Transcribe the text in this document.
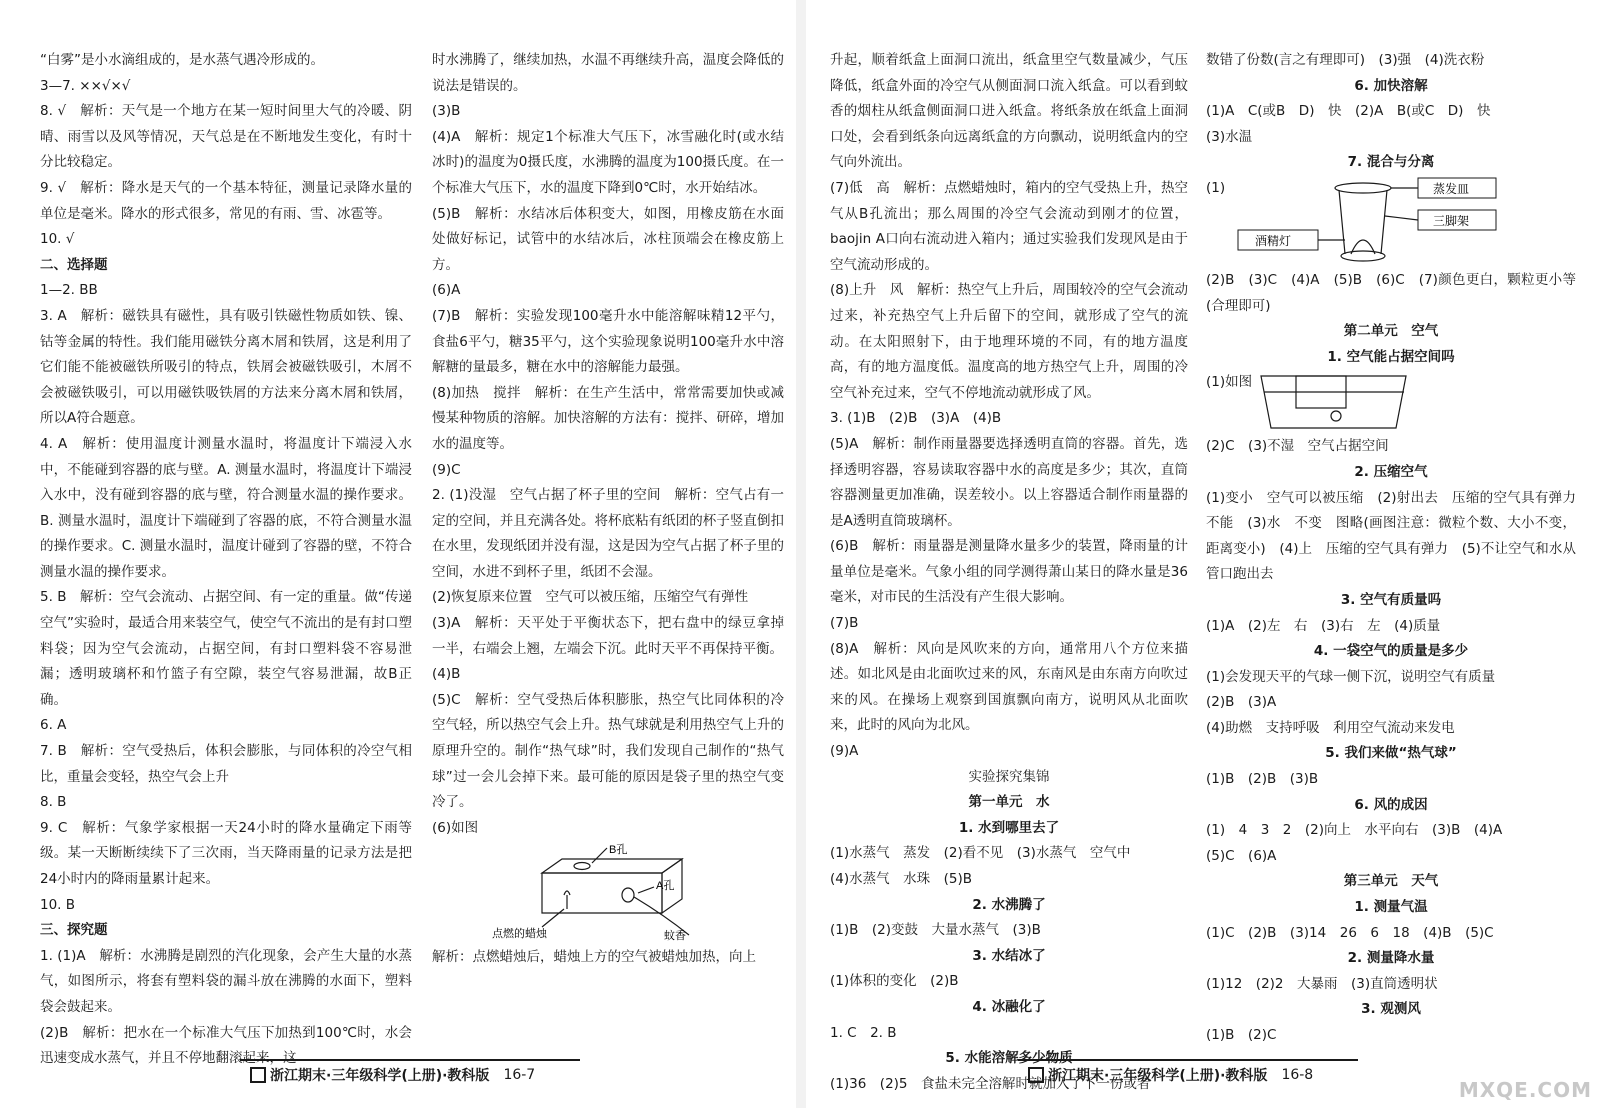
“白雾”是小水滴组成的，是水蒸气遇冷形成的。

3—7. ××√×√

8. √　解析：天气是一个地方在某一短时间里大气的冷暖、阴晴、雨雪以及风等情况，天气总是在不断地发生变化，有时十分比较稳定。

9. √　解析：降水是天气的一个基本特征，测量记录降水量的单位是毫米。降水的形式很多，常见的有雨、雪、冰雹等。

10. √

二、选择题

1—2. BB

3. A　解析：磁铁具有磁性，具有吸引铁磁性物质如铁、镍、钴等金属的特性。我们能用磁铁分离木屑和铁屑，这是利用了它们能不能被磁铁所吸引的特点，铁屑会被磁铁吸引，木屑不会被磁铁吸引，可以用磁铁吸铁屑的方法来分离木屑和铁屑，所以A符合题意。

4. A　解析：使用温度计测量水温时，将温度计下端浸入水中，不能碰到容器的底与壁。A. 测量水温时，将温度计下端浸入水中，没有碰到容器的底与壁，符合测量水温的操作要求。B. 测量水温时，温度计下端碰到了容器的底，不符合测量水温的操作要求。C. 测量水温时，温度计碰到了容器的壁，不符合测量水温的操作要求。

5. B　解析：空气会流动、占据空间、有一定的重量。做“传递空气”实验时，最适合用来装空气，使空气不流出的是有封口塑料袋；因为空气会流动，占据空间，有封口塑料袋不容易泄漏；透明玻璃杯和竹篮子有空隙，装空气容易泄漏，故B正确。

6. A

7. B　解析：空气受热后，体积会膨胀，与同体积的冷空气相比，重量会变轻，热空气会上升

8. B

9. C　解析：气象学家根据一天24小时的降水量确定下雨等级。某一天断断续续下了三次雨，当天降雨量的记录方法是把24小时内的降雨量累计起来。

10. B

三、探究题

1. (1)A　解析：水沸腾是剧烈的汽化现象，会产生大量的水蒸气，如图所示，将套有塑料袋的漏斗放在沸腾的水面下，塑料袋会鼓起来。

(2)B　解析：把水在一个标准大气压下加热到100℃时，水会迅速变成水蒸气，并且不停地翻滚起来，这

时水沸腾了，继续加热，水温不再继续升高，温度会降低的说法是错误的。

(3)B

(4)A　解析：规定1个标准大气压下，冰雪融化时(或水结冰时)的温度为0摄氏度，水沸腾的温度为100摄氏度。在一个标准大气压下，水的温度下降到0℃时，水开始结冰。

(5)B　解析：水结冰后体积变大，如图，用橡皮筋在水面处做好标记，试管中的水结冰后，冰柱顶端会在橡皮筋上方。

(6)A

(7)B　解析：实验发现100毫升水中能溶解味精12平勺，食盐6平勺，糖35平勺，这个实验现象说明100毫升水中溶解糖的量最多，糖在水中的溶解能力最强。

(8)加热　搅拌　解析：在生产生活中，常常需要加快或减慢某种物质的溶解。加快溶解的方法有：搅拌、研碎，增加水的温度等。

(9)C

2. (1)没湿　空气占据了杯子里的空间　解析：空气占有一定的空间，并且充满各处。将杯底粘有纸团的杯子竖直倒扣在水里，发现纸团并没有湿，这是因为空气占据了杯子里的空间，水进不到杯子里，纸团不会湿。

(2)恢复原来位置　空气可以被压缩，压缩空气有弹性

(3)A　解析：天平处于平衡状态下，把右盘中的绿豆拿掉一半，右端会上翘，左端会下沉。此时天平不再保持平衡。

(4)B

(5)C　解析：空气受热后体积膨胀，热空气比同体积的冷空气轻，所以热空气会上升。热气球就是利用热空气上升的原理升空的。制作“热气球”时，我们发现自己制作的“热气球”过一会儿会掉下来。最可能的原因是袋子里的热空气变冷了。

(6)如图

B孔
A孔
点燃的蜡烛	蚊香

解析：点燃蜡烛后，蜡烛上方的空气被蜡烛加热，向上

浙江期末·三年级科学(上册)·教科版 16-7

升起，顺着纸盒上面洞口流出，纸盒里空气数量减少，气压降低，纸盒外面的冷空气从侧面洞口流入纸盒。可以看到蚊香的烟柱从纸盒侧面洞口进入纸盒。将纸条放在纸盒上面洞口处，会看到纸条向远离纸盒的方向飘动，说明纸盒内的空气向外流出。

(7)低　高　解析：点燃蜡烛时，箱内的空气受热上升，热空气从B孔流出；那么周围的冷空气会流动到刚才的位置，baojin A口向右流动进入箱内；通过实验我们发现风是由于空气流动形成的。

(8)上升　风　解析：热空气上升后，周围较冷的空气会流动过来，补充热空气上升后留下的空间，就形成了空气的流动。在太阳照射下，由于地理环境的不同，有的地方温度高，有的地方温度低。温度高的地方热空气上升，周围的冷空气补充过来，空气不停地流动就形成了风。

3. (1)B　(2)B　(3)A　(4)B

(5)A　解析：制作雨量器要选择透明直筒的容器。首先，选择透明容器，容易读取容器中水的高度是多少；其次，直筒容器测量更加准确，误差较小。以上容器适合制作雨量器的是A透明直筒玻璃杯。

(6)B　解析：雨量器是测量降水量多少的装置，降雨量的计量单位是毫米。气象小组的同学测得萧山某日的降水量是36毫米，对市民的生活没有产生很大影响。

(7)B

(8)A　解析：风向是风吹来的方向，通常用八个方位来描述。如北风是由北面吹过来的风，东南风是由东南方向吹过来的风。在操场上观察到国旗飘向南方，说明风从北面吹来，此时的风向为北风。

(9)A

实验探究集锦

第一单元　水

1. 水到哪里去了

(1)水蒸气　蒸发　(2)看不见　(3)水蒸气　空气中

(4)水蒸气　水珠　(5)B

2. 水沸腾了

(1)B　(2)变鼓　大量水蒸气　(3)B

3. 水结冰了

(1)体积的变化　(2)B

4. 冰融化了

1. C　2. B

5. 水能溶解多少物质

(1)36　(2)5　食盐未完全溶解时就加入了下一份或者

数错了份数(言之有理即可)　(3)强　(4)洗衣粉

6. 加快溶解

(1)A　C(或B　D)　快　(2)A　B(或C　D)　快

(3)水温

7. 混合与分离

(1)	蒸发皿
三脚架
酒精灯

(2)B　(3)C　(4)A　(5)B　(6)C　(7)颜色更白，颗粒更小等(合理即可)

第二单元　空气

1. 空气能占据空间吗

(1)如图

(2)C　(3)不湿　空气占据空间

2. 压缩空气

(1)变小　空气可以被压缩　(2)射出去　压缩的空气具有弹力　不能　(3)水　不变　图略(画图注意：微粒个数、大小不变，距离变小)　(4)上　压缩的空气具有弹力　(5)不让空气和水从管口跑出去

3. 空气有质量吗

(1)A　(2)左　右　(3)右　左　(4)质量

4. 一袋空气的质量是多少

(1)会发现天平的气球一侧下沉，说明空气有质量

(2)B　(3)A

(4)助燃　支持呼吸　利用空气流动来发电

5. 我们来做“热气球”

(1)B　(2)B　(3)B

6. 风的成因

(1)　4　3　2　(2)向上　水平向右　(3)B　(4)A

(5)C　(6)A

第三单元　天气

1. 测量气温

(1)C　(2)B　(3)14　26　6　18　(4)B　(5)C

2. 测量降水量

(1)12　(2)2　大暴雨　(3)直筒透明状

3. 观测风

(1)B　(2)C

浙江期末·三年级科学(上册)·教科版 16-8
MXQE.COM
